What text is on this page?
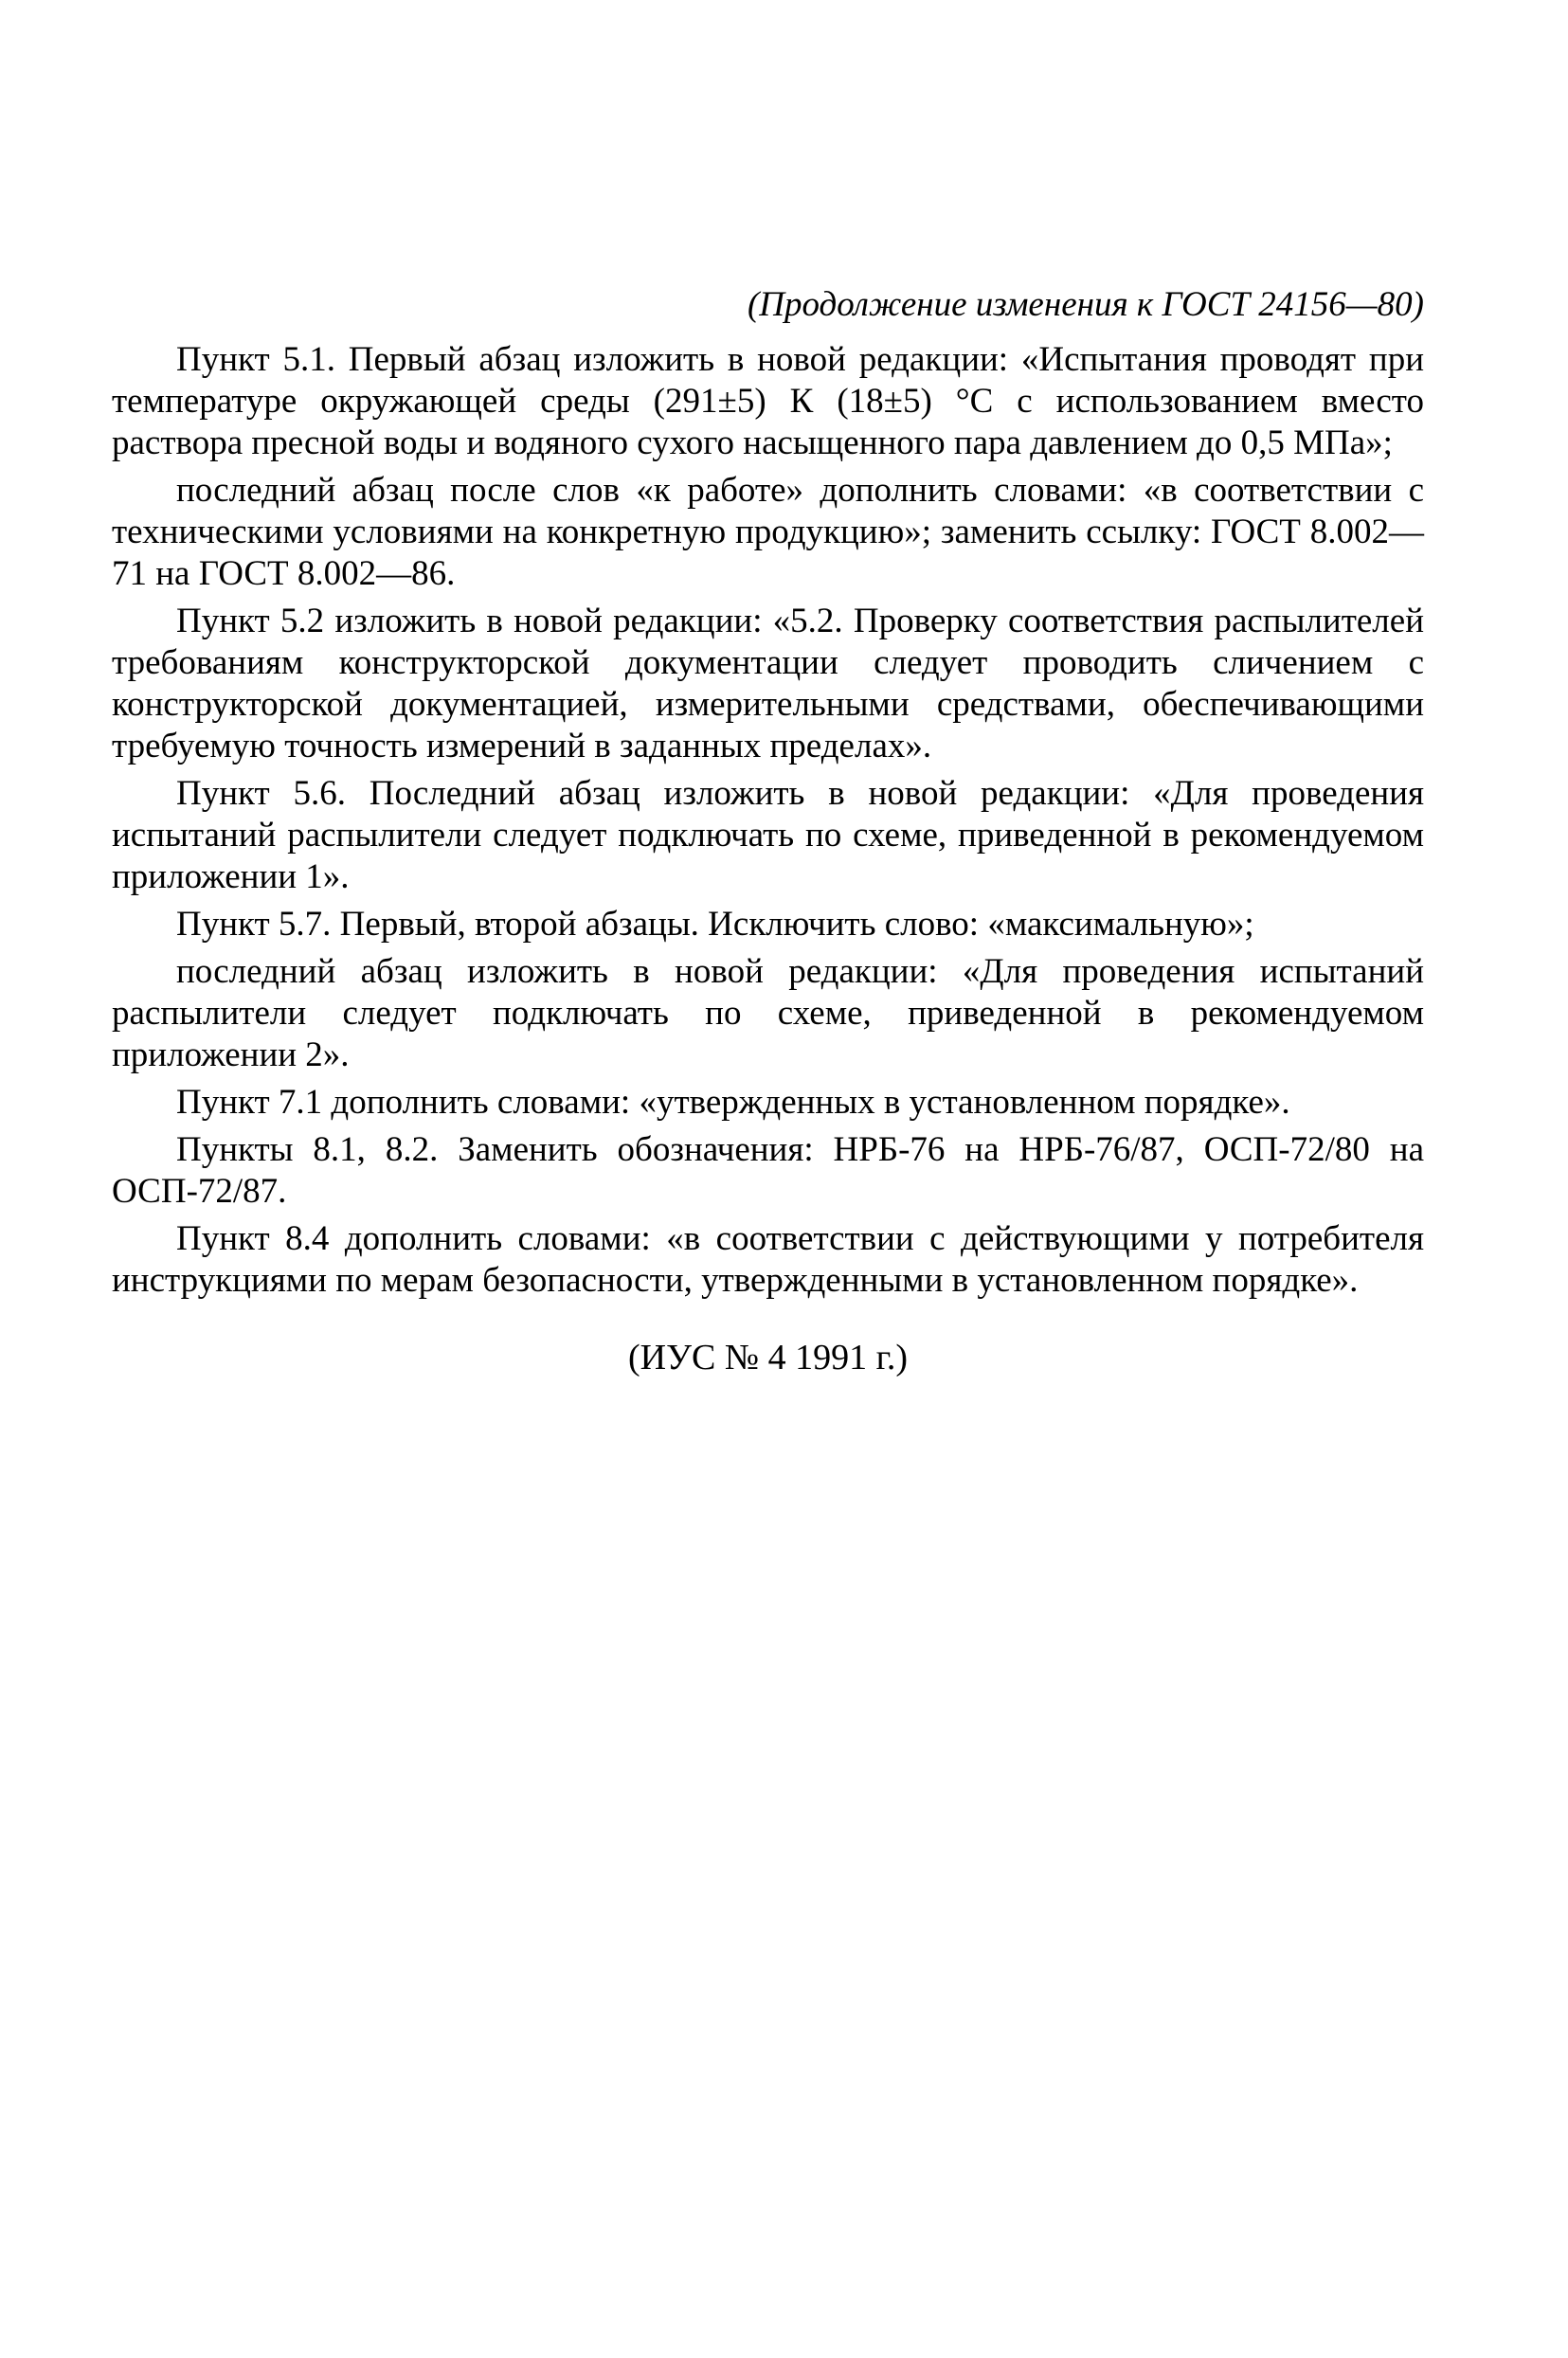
(Продолжение изменения к ГОСТ 24156—80)

Пункт 5.1. Первый абзац изложить в новой редакции: «Испытания проводят при температуре окружающей среды (291±5) К (18±5) °С с использованием вместо раствора пресной воды и водяного сухого насыщенного пара давлением до 0,5 МПа»;

последний абзац после слов «к работе» дополнить словами: «в соответствии с техническими условиями на конкретную продукцию»; заменить ссылку: ГОСТ 8.002—71 на ГОСТ 8.002—86.

Пункт 5.2 изложить в новой редакции: «5.2. Проверку соответствия распылителей требованиям конструкторской документации следует проводить сличением с конструкторской документацией, измерительными средствами, обеспечивающими требуемую точность измерений в заданных пределах».

Пункт 5.6. Последний абзац изложить в новой редакции: «Для проведения испытаний распылители следует подключать по схеме, приведенной в рекомендуемом приложении 1».

Пункт 5.7. Первый, второй абзацы. Исключить слово: «максимальную»;

последний абзац изложить в новой редакции: «Для проведения испытаний распылители следует подключать по схеме, приведенной в рекомендуемом приложении 2».

Пункт 7.1 дополнить словами: «утвержденных в установленном порядке».

Пункты 8.1, 8.2. Заменить обозначения: НРБ-76 на НРБ-76/87, ОСП-72/80 на ОСП-72/87.

Пункт 8.4 дополнить словами: «в соответствии с действующими у потребителя инструкциями по мерам безопасности, утвержденными в установленном порядке».

(ИУС № 4 1991 г.)
